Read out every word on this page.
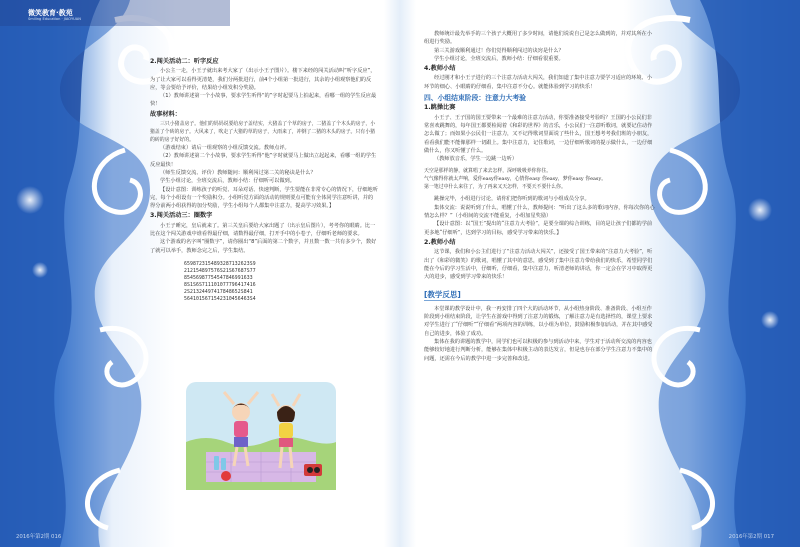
微笑教育·教苑
Smiling Education · JIAOYUAN

2.闯关活动二：听字反应

小公主一走，小王子就出来考大家了（出示小王子图片）。楼下来经的闯关活动叫“听字反应”，为了让大家可以看得更清楚，我们分两批进行，前4个小组第一批进行，其余的小组观察他们的反应，等会要给予评价，结果给小组发积分奖励。

（1）教师讲述第一个小故事，要求学生听得“的”字时起要马上拍起来，看哪一组的学生反应最快！

故事材料：

三只小猪盖房子。他们的妈妈说要给房子盖结实，大猪盖了个草的房子，二猪盖了个木头的房子，小猪盖了个砖的房子。大风来了，吹走了大猪的草的房子，大雨来了，冲倒了二猪的木头的房子。只有小猪的砖的房子好好的。

（游戏结束）请后一组观察的小组反馈交流。教师点评。

（2）教师讲述第二个小故事，要求学生听得“他”字时就要马上做出立起起来，看哪一组的学生反应最快！

（师生反馈交流、评价）教师随问：顺利闯过第二关的秘诀是什么？

学生小组讨论，全班交流后，教师小结：仔细听可以做到。

【设计意图：训练孩子的听觉、耳朵对话、快速判断，学生要能在非常专心的情况下，仔细地听完，每个小组设有一个奖励积分。小组听觉方面的活动的规则要点可能有全体同学注意听讲，并的得分前两小组获得的加分奖励，学生小组每个人都集中注意力，提高学习效果。】

3.闯关活动三：圈数字

小王子睡完，皇后就来了。第三关皇后要给大家出题了（出示皇后图片），考考你的眼睛。比一比在这个闯关游戏中谁看得最仔细，请数得最仔细，打开手中的小卷子，仔细听老师的要求。

这个游戏的名字叫“圈数字”，请你圈出“8”后面的第二个数字，并且数一数一共有多少个，数好了就可以举手，教师念完之后，学生集结。

6598723154893287132623S9
212154897576S21S67687S77
85456987754547846991633
8S1S6S711101077796417416
2S21324497417848652S841
5641015671542310456463S4
2016年第2期 016

教师统计最先举手的三个孩子大概用了多少时间，请他们说说自己是怎么做到的，并对其所在小组进行奖励。

第三关游戏顺利通过！你们觉得顺利闯过的诀窍是什么？

学生小组讨论，全班交流后，教师小结：仔细看很重要。

4.教师小结

经过刚才和小王子进行的三个注意力活动大闯关，我们知道了集中注意力要学习适应的环境、小环节的细心、小眼睛的仔细看，集中注意不分心。就能体验到学习的快乐！

四、小组结束阶段：注意力大考验

1.跳操比赛

小王子、王子国的国王要带来一个最难的注意力活动，你要准备接受考验吗？王国的小公民们非常喜欢跳舞的，每年国王都要检阅着《和彩的世界》的音乐，小公民们一注意听歌词，就要记住动作怎么做了；而如果小公民们一注意力，又不记得歌词里面说了些什么，国王想考考我们班的小朋友，看看我们能不能像那样一切跟上。集中注意力，记住歌词，一边仔细听歌词的提示做什么，一边仔细做什么，你又听懂了什么。

（教师放音乐，学生一边跳一边听）

天空是那样的静，就算唱了来去怎样，深呼吸吸养你你住。

气气像得你就太声响，爱你easy你easy，心情你easy 你easy，梦你easy 你easy。

第一笔过中什么来往了，为了再来又天怎样，不要天不要什么你。

跳操完毕，小组进行讨论，请你们把你听到的歌词与小组成员分享。

集体交流：说说听到了什么，唱懂了什么，教师提问：“听出了这么多的歌词内容，你每次你的心情怎么样？”（小组间的交流不能重复，小组加星奖励）

【设计意图：以“国王”提出的“注意力大考验”，是要全课的综合训练，目的是让孩子们都的学前更多地“仔细听”，达到学习的目标，感受学习带来的快乐。】

2.教师小结

这节课，我们和小公主们进行了“注意力活动大闯关”，还接受了国王带来的“注意力大考验”，听出了《和彩的微笑》的歌词，唱懂了其中的意思，感受到了集中注意力带给我们的快乐，希望同学们能在今后的学习生活中，仔细听，仔细看，集中注意力，听清老师的讲话，你一定会在学习中取得更大的进步，感受到学习带来的快乐！

[教学反思]

本堂课的教学设计中，我一再安排了四个大的活动环节，从小组热身阶段、准备阶段、小组互作阶段到小组结束阶段，让学生在游戏中得到了注意力的锻炼，了解注意力是有选择性的，课堂上要求对学生进行了“仔细听”“仔细看”两项内容的训练，以小组为单位，鼓励积极参加活动，并在其中感受自己的进步，体验了成功。

集体在我的讲题的教学中，同学们也可以积极的参与到活动中来，学生对于活动所交流的内容也能够较好地进行判断分析，能够在集体中积极主动的表达发言，但是也存在部分学生注意力不集中的问题，还需在今后的教学中进一步完善和改进。

2016年第2期 017
